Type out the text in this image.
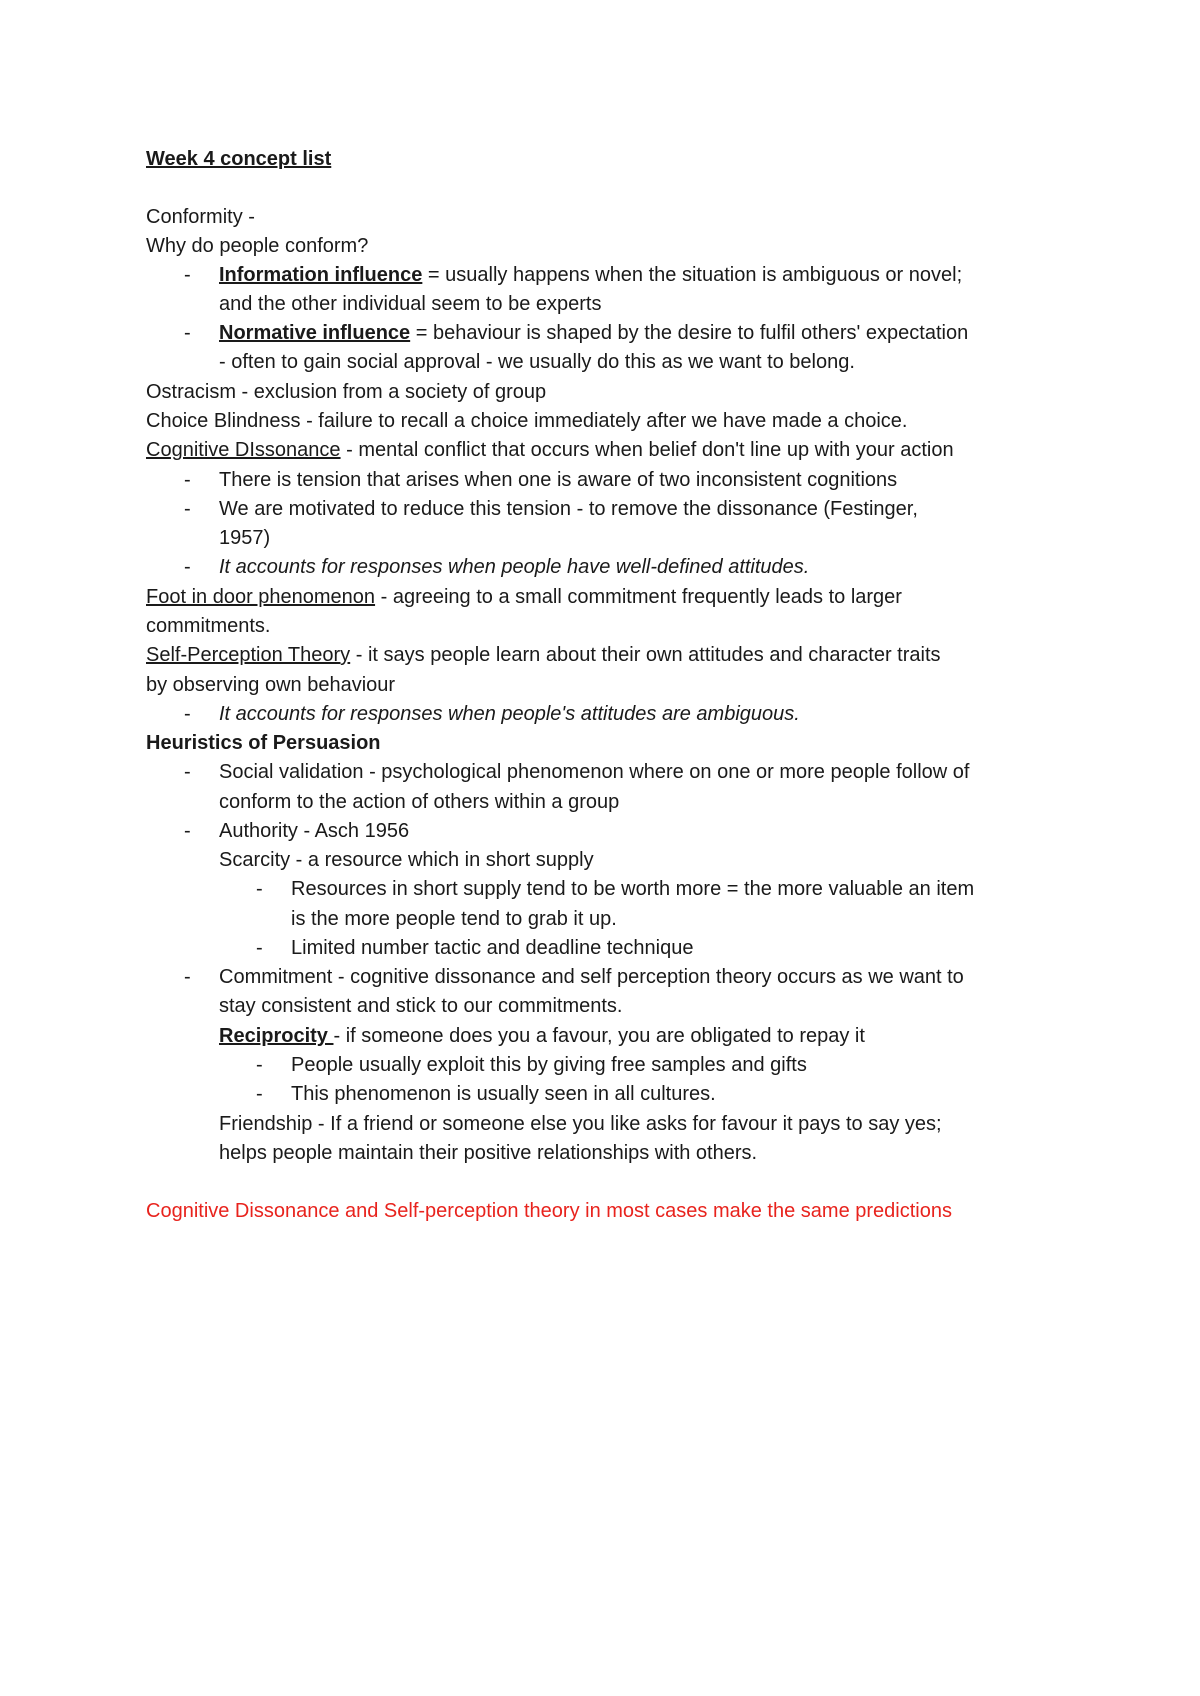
Week 4 concept list
Conformity -
Why do people conform?
- Information influence = usually happens when the situation is ambiguous or novel;
and the other individual seem to be experts
- Normative influence = behaviour is shaped by the desire to fulfil others' expectation
- often to gain social approval - we usually do this as we want to belong.
Ostracism - exclusion from a society of group
Choice Blindness - failure to recall a choice immediately after we have made a choice.
Cognitive DIssonance - mental conflict that occurs when belief don't line up with your action
- There is tension that arises when one is aware of two inconsistent cognitions
- We are motivated to reduce this tension - to remove the dissonance (Festinger,
1957)
- It accounts for responses when people have well-defined attitudes.
Foot in door phenomenon - agreeing to a small commitment frequently leads to larger
commitments.
Self-Perception Theory - it says people learn about their own attitudes and character traits
by observing own behaviour
- It accounts for responses when people's attitudes are ambiguous.
Heuristics of Persuasion
- Social validation - psychological phenomenon where on one or more people follow of
conform to the action of others within a group
- Authority - Asch 1956
Scarcity - a resource which in short supply
- Resources in short supply tend to be worth more = the more valuable an item
is the more people tend to grab it up.
- Limited number tactic and deadline technique
- Commitment - cognitive dissonance and self perception theory occurs as we want to
stay consistent and stick to our commitments.
Reciprocity - if someone does you a favour, you are obligated to repay it
- People usually exploit this by giving free samples and gifts
- This phenomenon is usually seen in all cultures.
Friendship - If a friend or someone else you like asks for favour it pays to say yes;
helps people maintain their positive relationships with others.
Cognitive Dissonance and Self-perception theory in most cases make the same predictions
